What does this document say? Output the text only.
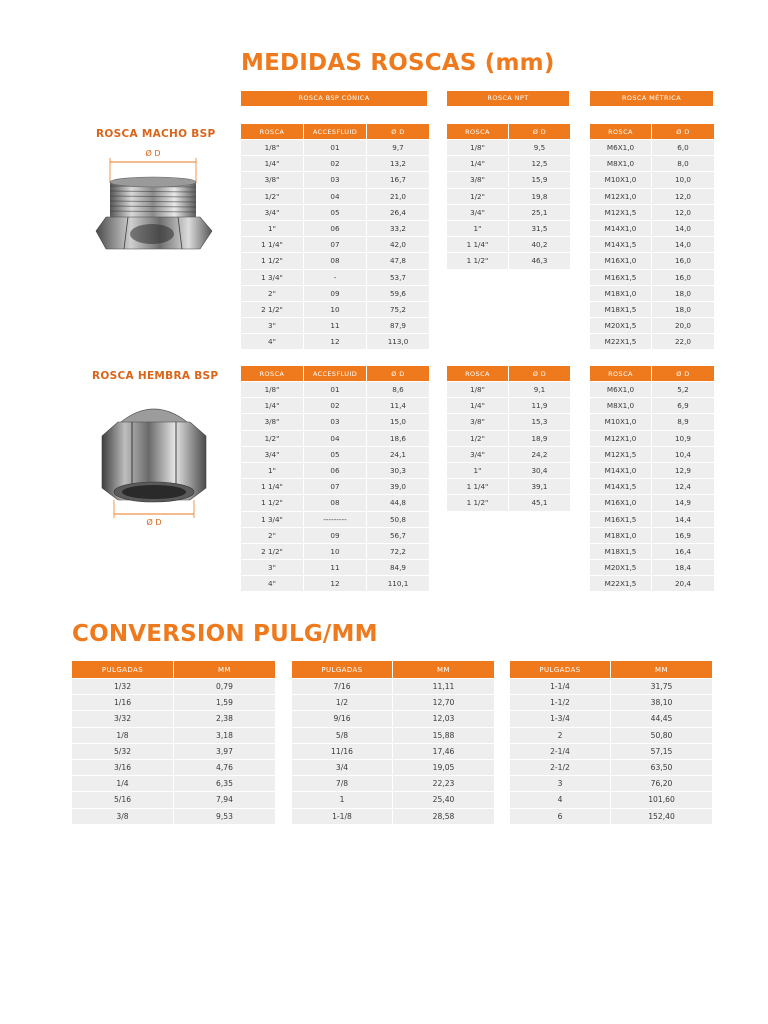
MEDIDAS ROSCAS (mm)
CONVERSION PULG/MM
ROSCA BSP CÓNICA	ROSCA NPT	ROSCA MÉTRICA
ROSCA MACHO BSP
ROSCA HEMBRA BSP
Ø D
Ø D
ROSCA	ACCESFLUID	Ø D
1/8"	01	9,7
1/4"	02	13,2
3/8"	03	16,7
1/2"	04	21,0
3/4"	05	26,4
1"	06	33,2
1 1/4"	07	42,0
1 1/2"	08	47,8
1 3/4"	-	53,7
2"	09	59,6
2 1/2"	10	75,2
3"	11	87,9
4"	12	113,0
ROSCA	Ø D
1/8"	9,5
1/4"	12,5
3/8"	15,9
1/2"	19,8
3/4"	25,1
1"	31,5
1 1/4"	40,2
1 1/2"	46,3
ROSCA	Ø D
M6X1,0	6,0
M8X1,0	8,0
M10X1,0	10,0
M12X1,0	12,0
M12X1,5	12,0
M14X1,0	14,0
M14X1,5	14,0
M16X1,0	16,0
M16X1,5	16,0
M18X1,0	18,0
M18X1,5	18,0
M20X1,5	20,0
M22X1,5	22,0
ROSCA	ACCESFLUID	Ø D
1/8"	01	8,6
1/4"	02	11,4
3/8"	03	15,0
1/2"	04	18,6
3/4"	05	24,1
1"	06	30,3
1 1/4"	07	39,0
1 1/2"	08	44,8
1 3/4"	---------	50,8
2"	09	56,7
2 1/2"	10	72,2
3"	11	84,9
4"	12	110,1
ROSCA	Ø D
1/8"	9,1
1/4"	11,9
3/8"	15,3
1/2"	18,9
3/4"	24,2
1"	30,4
1 1/4"	39,1
1 1/2"	45,1
ROSCA	Ø D
M6X1,0	5,2
M8X1,0	6,9
M10X1,0	8,9
M12X1,0	10,9
M12X1,5	10,4
M14X1,0	12,9
M14X1,5	12,4
M16X1,0	14,9
M16X1,5	14,4
M18X1,0	16,9
M18X1,5	16,4
M20X1,5	18,4
M22X1,5	20,4
PULGADAS	MM
1/32	0,79
1/16	1,59
3/32	2,38
1/8	3,18
5/32	3,97
3/16	4,76
1/4	6,35
5/16	7,94
3/8	9,53
PULGADAS	MM
7/16	11,11
1/2	12,70
9/16	12,03
5/8	15,88
11/16	17,46
3/4	19,05
7/8	22,23
1	25,40
1-1/8	28,58
PULGADAS	MM
1-1/4	31,75
1-1/2	38,10
1-3/4	44,45
2	50,80
2-1/4	57,15
2-1/2	63,50
3	76,20
4	101,60
6	152,40
